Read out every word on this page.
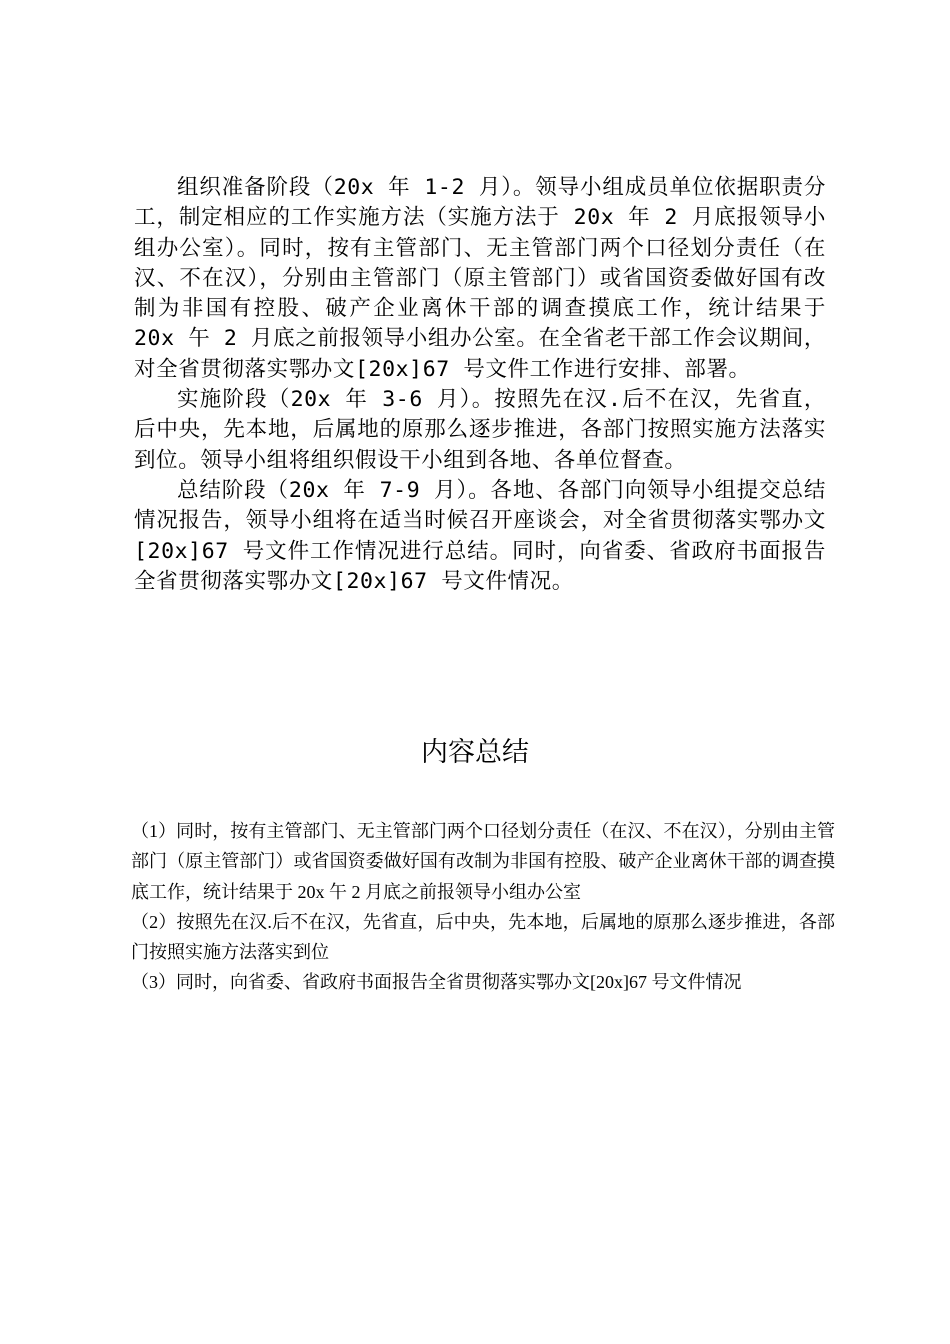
组织准备阶段（20x 年 1-2 月）。领导小组成员单位依据职责分工，制定相应的工作实施方法（实施方法于 20x 年 2 月底报领导小组办公室）。同时，按有主管部门、无主管部门两个口径划分责任（在汉、不在汉），分别由主管部门（原主管部门）或省国资委做好国有改制为非国有控股、破产企业离休干部的调查摸底工作，统计结果于 20x 午 2 月底之前报领导小组办公室。在全省老干部工作会议期间，对全省贯彻落实鄂办文[20x]67 号文件工作进行安排、部署。

实施阶段（20x 年 3-6 月）。按照先在汉.后不在汉，先省直，后中央，先本地，后属地的原那么逐步推进，各部门按照实施方法落实到位。领导小组将组织假设干小组到各地、各单位督查。

总结阶段（20x 年 7-9 月）。各地、各部门向领导小组提交总结情况报告，领导小组将在适当时候召开座谈会，对全省贯彻落实鄂办文[20x]67 号文件工作情况进行总结。同时，向省委、省政府书面报告全省贯彻落实鄂办文[20x]67 号文件情况。

内容总结

（1）同时，按有主管部门、无主管部门两个口径划分责任（在汉、不在汉），分别由主管部门（原主管部门）或省国资委做好国有改制为非国有控股、破产企业离休干部的调查摸底工作，统计结果于 20x 午 2 月底之前报领导小组办公室

（2）按照先在汉.后不在汉，先省直，后中央，先本地，后属地的原那么逐步推进，各部门按照实施方法落实到位

（3）同时，向省委、省政府书面报告全省贯彻落实鄂办文[20x]67 号文件情况
